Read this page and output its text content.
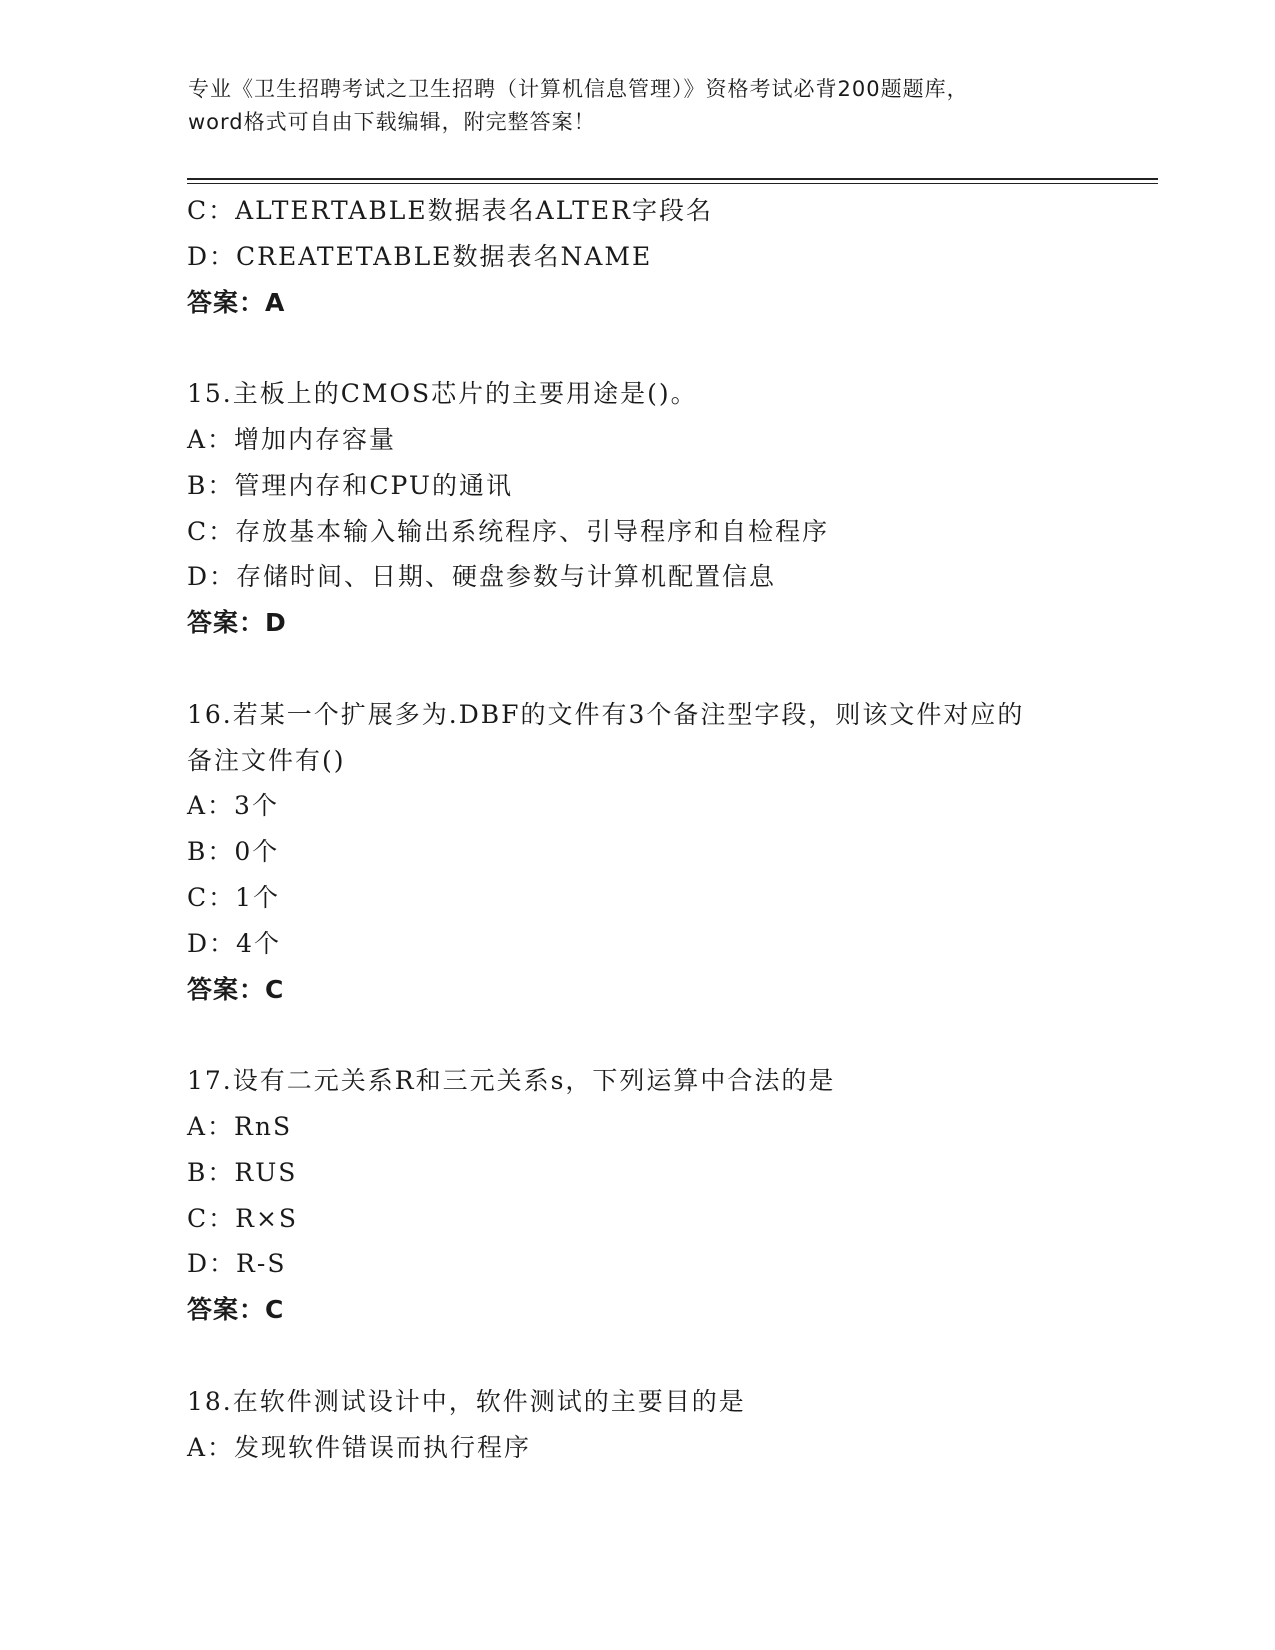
专业《卫生招聘考试之卫生招聘（计算机信息管理）》资格考试必背200题题库，
word格式可自由下载编辑，附完整答案！
C：ALTERTABLE数据表名ALTER字段名
D：CREATETABLE数据表名NAME
答案：A
15.主板上的CMOS芯片的主要用途是()。
A：增加内存容量
B：管理内存和CPU的通讯
C：存放基本输入输出系统程序、引导程序和自检程序
D：存储时间、日期、硬盘参数与计算机配置信息
答案：D
16.若某一个扩展多为.DBF的文件有3个备注型字段，则该文件对应的
备注文件有()
A：3个
B：0个
C：1个
D：4个
答案：C
17.设有二元关系R和三元关系s，下列运算中合法的是
A：RnS
B：RUS
C：R×S
D：R-S
答案：C
18.在软件测试设计中，软件测试的主要目的是
A：发现软件错误而执行程序
